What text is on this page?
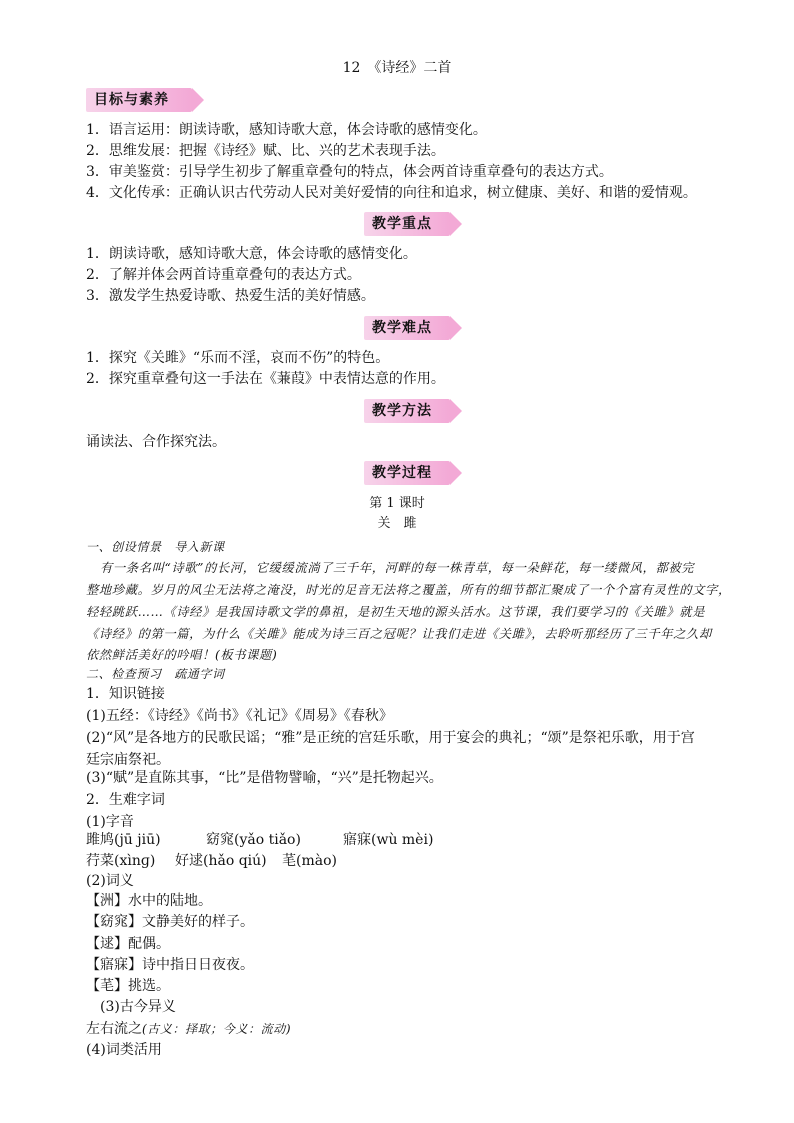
12　《诗经》二首
目标与素养
1．语言运用：朗读诗歌，感知诗歌大意，体会诗歌的感情变化。
2．思维发展：把握《诗经》赋、比、兴的艺术表现手法。
3．审美鉴赏：引导学生初步了解重章叠句的特点，体会两首诗重章叠句的表达方式。
4．文化传承：正确认识古代劳动人民对美好爱情的向往和追求，树立健康、美好、和谐的爱情观。
教学重点
1．朗读诗歌，感知诗歌大意，体会诗歌的感情变化。
2．了解并体会两首诗重章叠句的表达方式。
3．激发学生热爱诗歌、热爱生活的美好情感。
教学难点
1．探究《关雎》“乐而不淫，哀而不伤”的特色。
2．探究重章叠句这一手法在《蒹葭》中表情达意的作用。
教学方法
诵读法、合作探究法。
教学过程
第 1 课时
关　雎
一、创设情景　导入新课
有一条名叫“诗歌”的长河，它缓缓流淌了三千年，河畔的每一株青草，每一朵鲜花，每一缕微风，都被完
整地珍藏。岁月的风尘无法将之淹没，时光的足音无法将之覆盖，所有的细节都汇聚成了一个个富有灵性的文字，
轻轻跳跃……《诗经》是我国诗歌文学的鼻祖，是初生天地的源头活水。这节课，我们要学习的《关雎》就是
《诗经》的第一篇，为什么《关雎》能成为诗三百之冠呢？让我们走进《关雎》，去聆听那经历了三千年之久却
依然鲜活美好的吟唱！(板书课题)
二、检查预习　疏通字词
1．知识链接
(1)五经：《诗经》《尚书》《礼记》《周易》《春秋》
(2)“风”是各地方的民歌民谣；“雅”是正统的宫廷乐歌，用于宴会的典礼；“颂”是祭祀乐歌，用于宫
廷宗庙祭祀。
(3)“赋”是直陈其事，“比”是借物譬喻，“兴”是托物起兴。
2．生难字词
(1)字音
雎鸠(jū jiū)	窈窕(yǎo tiǎo)	寤寐(wù mèi)
荇菜(xìnɡ) 好逑(hǎo qiú) 芼(mào)
(2)词义
【洲】水中的陆地。
【窈窕】文静美好的样子。
【逑】配偶。
【寤寐】诗中指日日夜夜。
【芼】挑选。
(3)古今异义
左右流之(古义：择取；今义：流动)
(4)词类活用
